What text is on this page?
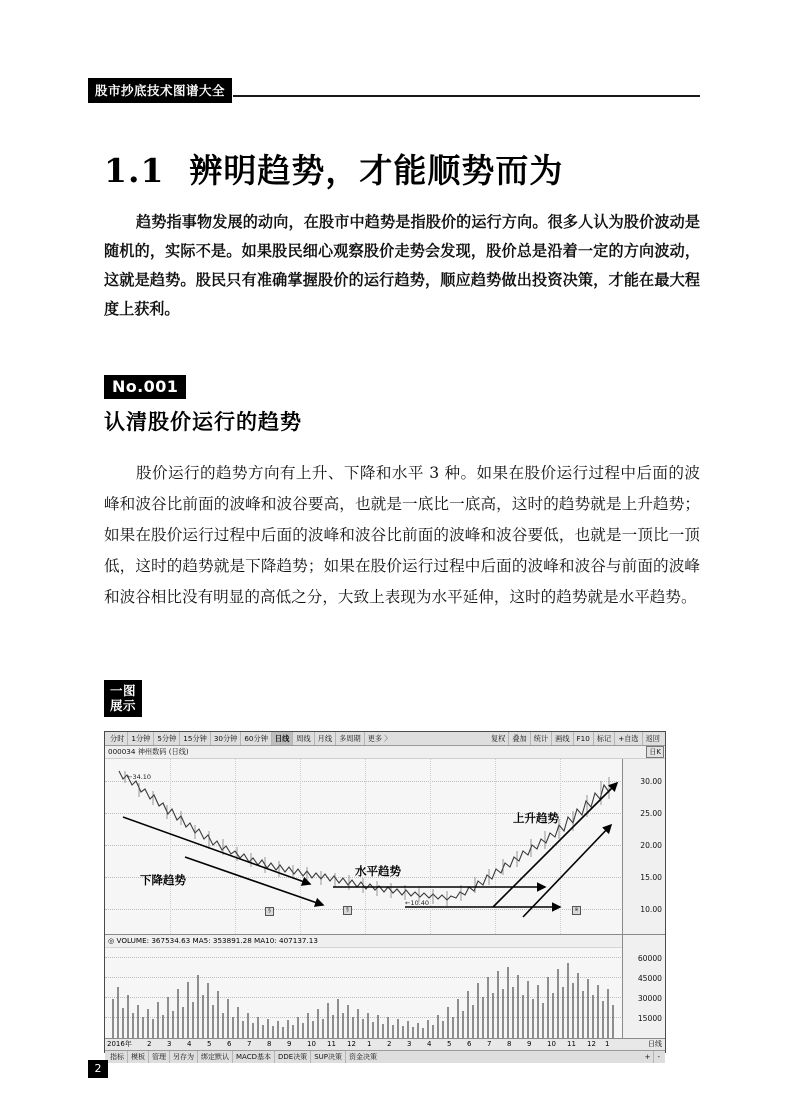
股市抄底技术图谱大全
1.1 辨明趋势，才能顺势而为
趋势指事物发展的动向，在股市中趋势是指股价的运行方向。很多人认为股价波动是随机的，实际不是。如果股民细心观察股价走势会发现，股价总是沿着一定的方向波动，这就是趋势。股民只有准确掌握股价的运行趋势，顺应趋势做出投资决策，才能在最大程度上获利。
No.001
认清股价运行的趋势
股价运行的趋势方向有上升、下降和水平 3 种。如果在股价运行过程中后面的波峰和波谷比前面的波峰和波谷要高，也就是一底比一底高，这时的趋势就是上升趋势；如果在股价运行过程中后面的波峰和波谷比前面的波峰和波谷要低，也就是一顶比一顶低，这时的趋势就是下降趋势；如果在股价运行过程中后面的波峰和波谷与前面的波峰和波谷相比没有明显的高低之分，大致上表现为水平延伸，这时的趋势就是水平趋势。
一图
展示
分时 1分钟 5分钟 15分钟 30分钟 60分钟 日线 周线 月线 多周期 更多 〉	复权 叠加 统计 画线 F10 标记 +自选 返回
000034 神州数码 (日线)	日K
←34.10
←10.40
§	§	※
下降趋势
水平趋势
上升趋势
30.00
25.00
20.00
15.00
10.00
◎ VOLUME: 367534.63 MA5: 353891.28 MA10: 407137.13
60000
45000
30000
15000
2016年 2 3 4 5 6 7 8 9 10 11 12 1 2 3 4 5 6 7 8 9 10 11 12 1	日线
指标 模板 管理 另存为 绑定默认 MACD基本 DDE决策 SUP决策 资金决策	+ -
2
